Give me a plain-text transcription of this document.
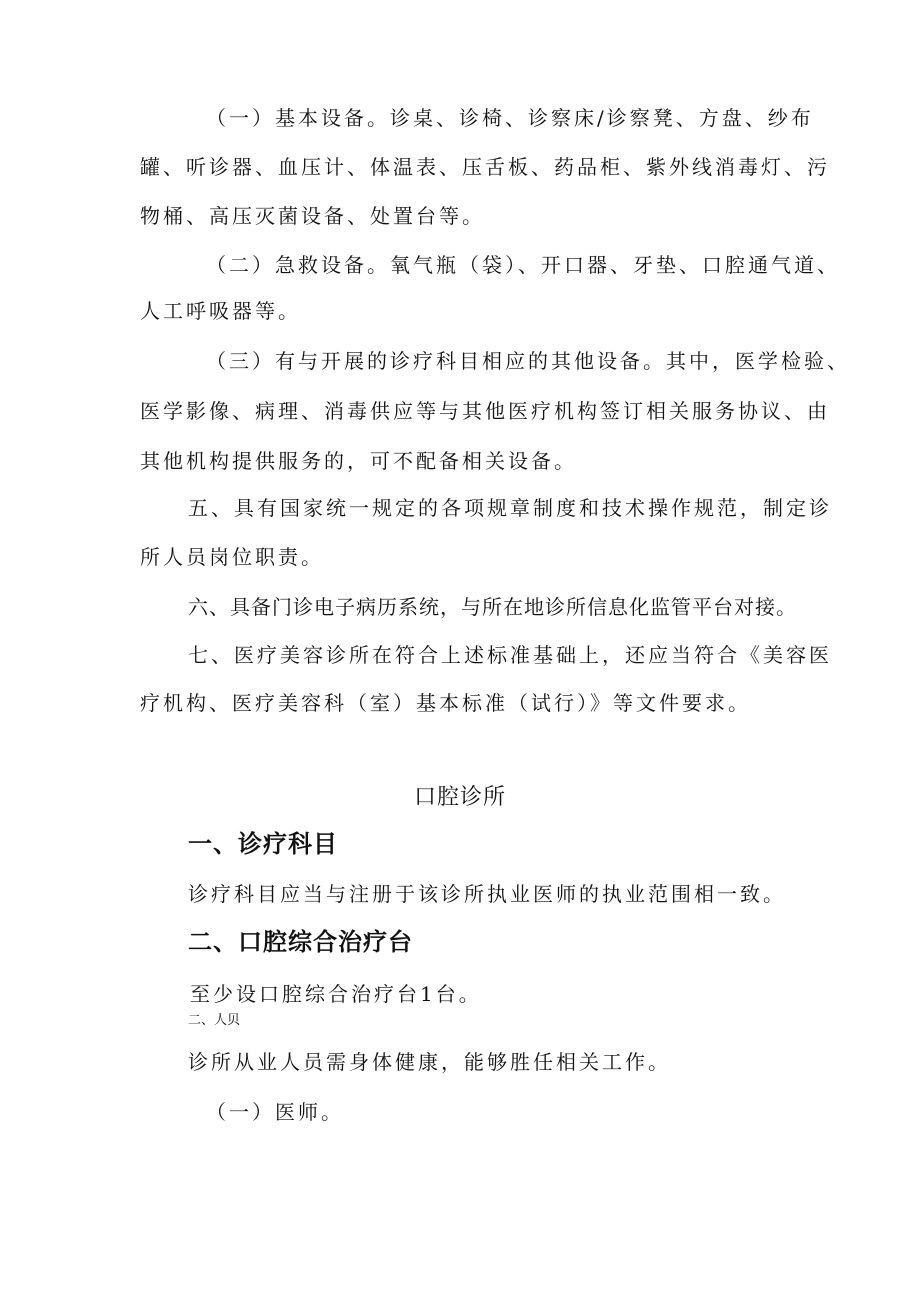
（一）基本设备。诊桌、诊椅、诊察床/诊察凳、方盘、纱布
罐、听诊器、血压计、体温表、压舌板、药品柜、紫外线消毒灯、污
物桶、高压灭菌设备、处置台等。
（二）急救设备。氧气瓶（袋）、开口器、牙垫、口腔通气道、
人工呼吸器等。
（三）有与开展的诊疗科目相应的其他设备。其中，医学检验、
医学影像、病理、消毒供应等与其他医疗机构签订相关服务协议、由
其他机构提供服务的，可不配备相关设备。
五、具有国家统一规定的各项规章制度和技术操作规范，制定诊
所人员岗位职责。
六、具备门诊电子病历系统，与所在地诊所信息化监管平台对接。
七、医疗美容诊所在符合上述标准基础上，还应当符合《美容医
疗机构、医疗美容科（室）基本标准（试行）》等文件要求。
口腔诊所
一、诊疗科目
诊疗科目应当与注册于该诊所执业医师的执业范围相一致。
二、口腔综合治疗台
至少设口腔综合治疗台1台。
二、人贝
诊所从业人员需身体健康，能够胜任相关工作。
（一）医师。
